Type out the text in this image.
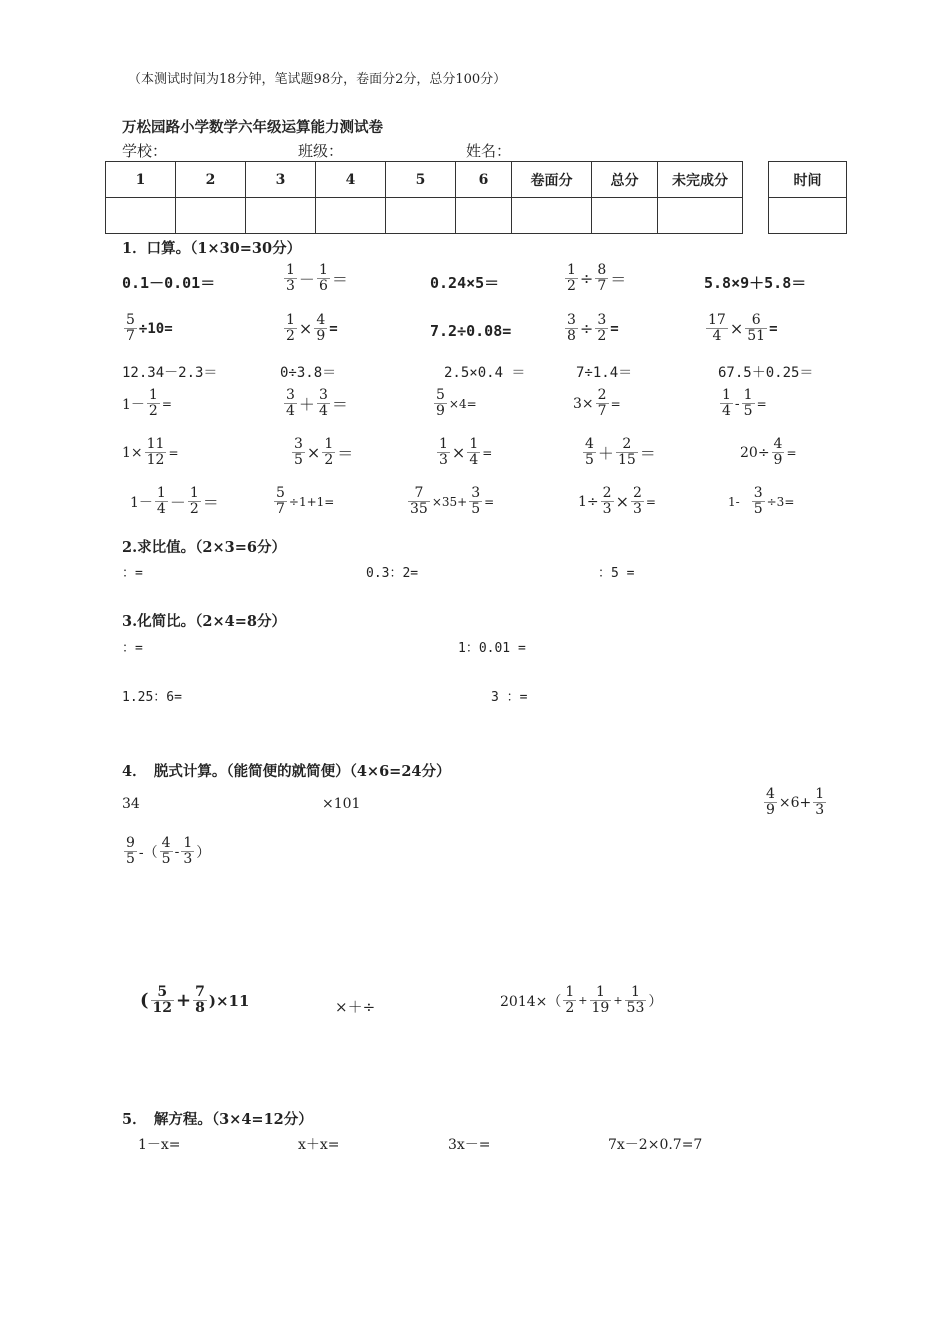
（本测试时间为18分钟，笔试题98分，卷面分2分，总分100分）
万松园路小学数学六年级运算能力测试卷
学校：	班级：	姓名：
1	2	3	4	5	6	卷面分	总分	未完成分
									时间

1．口算。（1×30=30分）
0.1－0.01＝	$\frac{1}{3} - \frac{1}{6}$ ＝	0.24×5＝	$\frac{1}{2} \div \frac{8}{7}$ ＝	5.8×9＋5.8＝
$\frac{5}{7} \div 10=$	$\frac{1}{2} \times \frac{4}{9}$ =	7.2÷0.08=	$\frac{3}{8} \div \frac{3}{2}$ =	$\frac{17}{4} \times \frac{6}{51}$ =
12.34－2.3＝	0÷3.8＝	2.5×0.4 ＝	7÷1.4＝	67.5＋0.25＝
$1- \frac{1}{2}$ =	$\frac{3}{4} + \frac{3}{4}$ ＝	$\frac{5}{9} \times 4=$	$3\times \frac{2}{7}$ =	$\frac{1}{4} - \frac{1}{5}$ =
$1\times \frac{11}{12}$ =	$\frac{3}{5} \times \frac{1}{2}$ ＝	$\frac{1}{3} \times \frac{1}{4}$ =	$\frac{4}{5} + \frac{2}{15}$ ＝	$20\div \frac{4}{9}$ =
$1- \frac{1}{4} - \frac{1}{2}$ ＝	$\frac{5}{7} \div 1+1=$	$\frac{7}{35} \times 35+ \frac{3}{5}$ =	$1\div \frac{2}{3} \times \frac{2}{3}$ =	$1- \frac{3}{5} \div 3=$
2.求比值。（2×3=6分）
：=	0.3：2=	：5 =
3.化简比。（2×4=8分）
：=	1：0.01 =
1.25：6=	3 ：=
4．　脱式计算。（能简便的就简便）（4×6=24分）
34	×101	$\frac{4}{9} \times 6+ \frac{1}{3}$
$\frac{9}{5}$ -（ $\frac{4}{5} - \frac{1}{3}$ ）
( $\frac{5}{12} + \frac{7}{8} )\times 11$	×＋÷	$2014\times( \frac{1}{2} + \frac{1}{19} + \frac{1}{53}$ ）
5．　解方程。（3×4=12分）
1－x=	x＋x=	3x－=	7x－2×0.7=7
